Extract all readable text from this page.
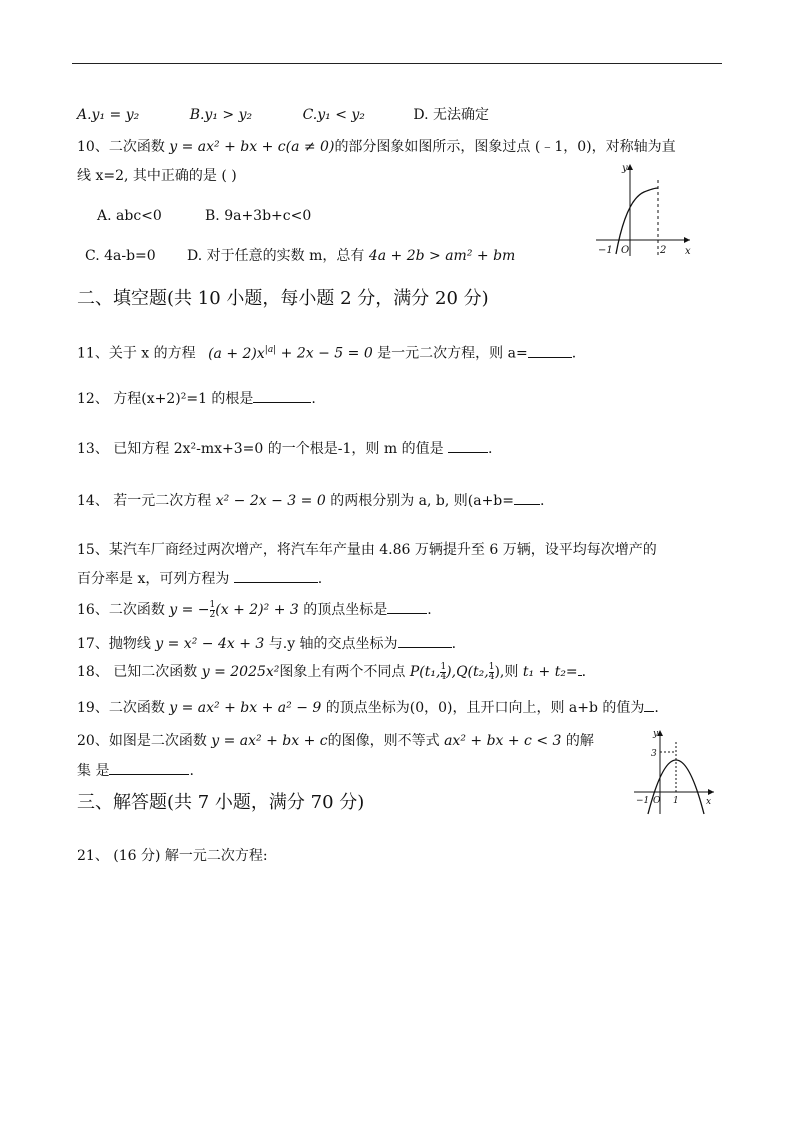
A.y₁ = y₂	B.y₁ > y₂	C.y₁ < y₂	D. 无法确定
10、二次函数 y = ax² + bx + c(a ≠ 0)的部分图象如图所示，图象过点 (﹣1，0)，对称轴为直
线 x=2, 其中正确的是 ( )
A. abc<0	B. 9a+3b+c<0
C. 4a-b=0 D. 对于任意的实数 m，总有 4a + 2b > am² + bm
y
x
−1 O	2
二、填空题(共 10 小题，每小题 2 分，满分 20 分)
11、关于 x 的方程 $(a + 2)x^{|a|} + 2x - 5 = 0$ 是一元二次方程，则 a=	.
12、 方程(x+2)²=1 的根是	.
13、 已知方程 2x²-mx+3=0 的一个根是-1，则 m 的值是	.
14、 若一元二次方程 x² − 2x − 3 = 0 的两根分别为 a, b, 则(a+b= .
15、某汽车厂商经过两次增产，将汽车年产量由 4.86 万辆提升至 6 万辆，设平均每次增产的
百分率是 x，可列方程为	.
16、二次函数 y = − $\frac{1}{2} (x + 2)^2 + 3$ 的顶点坐标是	.
17、抛物线 y = x² − 4x + 3 与.y 轴的交点坐标为	.
18、 已知二次函数 y = 2025x²图象上有两个不同点 P(t₁, $\frac{1}{4} ),Q(t_2$, $\frac{1}{4}$ ),则 t₁ + t₂= .
19、二次函数 y = ax² + bx + a² − 9 的顶点坐标为(0，0)，且开口向上，则 a+b 的值为 .
20、如图是二次函数 y = ax² + bx + c的图像，则不等式 ax² + bx + c < 3 的解
集 是	.
y
x
3
−1 O 1
三、解答题(共 7 小题，满分 70 分)
21、 (16 分) 解一元二次方程:
